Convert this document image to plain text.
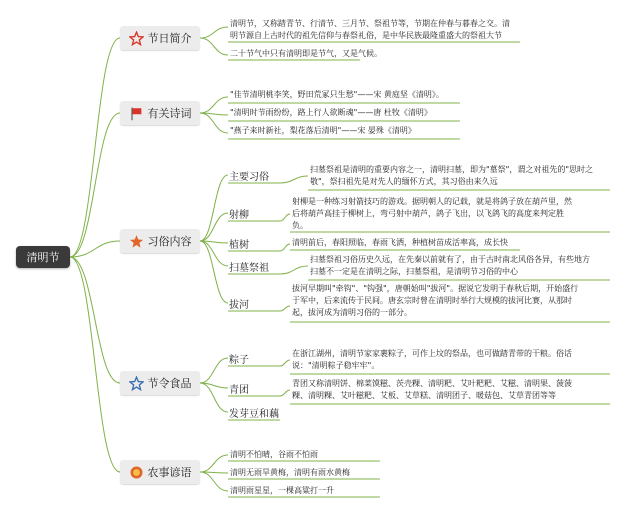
清明节
节日简介
有关诗词
习俗内容
节令食品
农事谚语
清明节，又称踏青节、行清节、三月节、祭祖节等，节期在仲春与暮春之交。清
明节源自上古时代的祖先信仰与春祭礼俗，是中华民族最隆重盛大的祭祖大节
二十节气中只有清明即是节气，又是气候。
"佳节清明桃李笑，野田荒冢只生愁"——宋 黄庭坚《清明》。
"清明时节雨纷纷，路上行人欲断魂"——唐 杜牧《清明》
"燕子来时新社，梨花落后清明"——宋 晏殊《清明》
主要习俗
扫墓祭祖是清明的重要内容之一，清明扫墓，即为"墓祭"，谓之对祖先的"思时之
敬"，祭扫祖先是对先人的缅怀方式，其习俗由来久远
射柳
射柳是一种练习射箭技巧的游戏。据明朝人的记载，就是将鸽子放在葫芦里，然
后将葫芦高挂于柳树上，弯弓射中葫芦，鸽子飞出，以飞鸽飞的高度来判定胜
负。
植树	清明前后，春阳照临，春雨飞洒，种植树苗成活率高，成长快
扫墓祭祖
扫墓祭祖习俗历史久远，在先秦以前就有了，由于古时南北风俗各异，有些地方
扫墓不一定是在清明之际，扫墓祭祖，是清明节习俗的中心
拔河
拔河早期叫"牵钩"、"钩强"，唐朝始叫"拔河"。据说它发明于春秋后期，开始盛行
于军中，后来流传于民间。唐玄宗时曾在清明时举行大规模的拔河比赛，从那时
起，拔河成为清明习俗的一部分。
粽子
在浙江湖州，清明节家家裹粽子，可作上坟的祭品，也可做踏青带的干粮。俗话
说："清明粽子稳牢牢"。
青团
青团又称清明饼、棉菜馍糍、茨壳粿、清明粑、艾叶粑粑、艾糍、清明果、菠菠
粿、清明粿、艾叶糍粑、艾板、艾草糕、清明团子、暖菇包、艾草青团等等
发芽豆和藕
清明不怕晴，谷雨不怕雨
清明无雨旱黄梅，清明有雨水黄梅
清明雨星星，一棵高粱打一升
